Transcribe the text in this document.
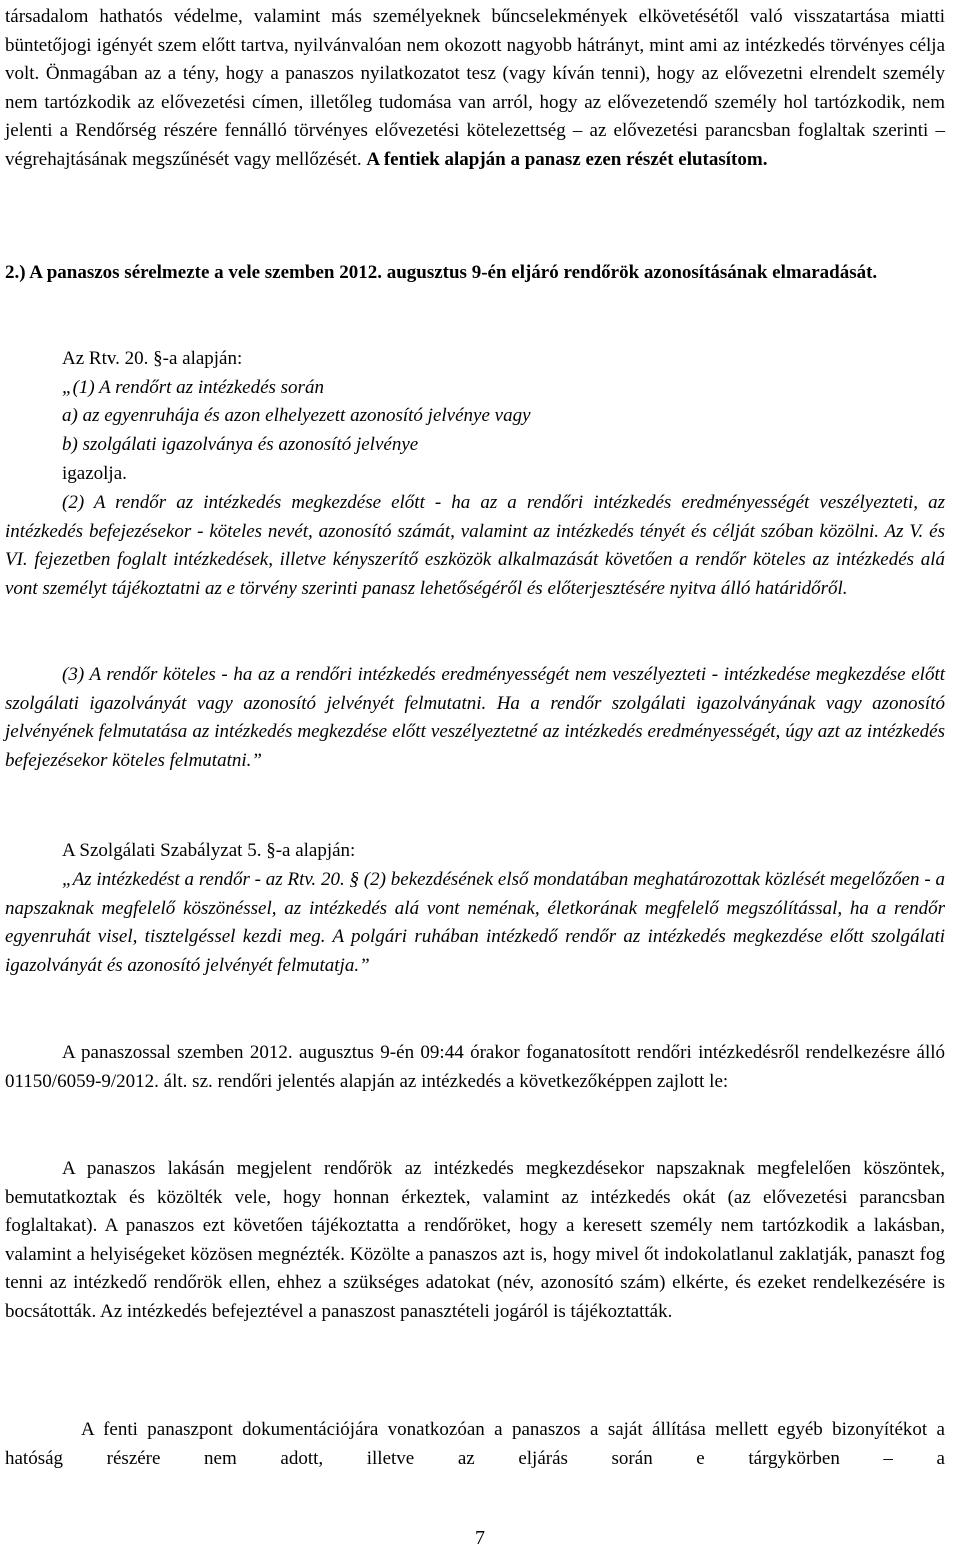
társadalom hathatós védelme, valamint más személyeknek bűncselekmények elkövetésétől való visszatartása miatti büntetőjogi igényét szem előtt tartva, nyilvánvalóan nem okozott nagyobb hátrányt, mint ami az intézkedés törvényes célja volt. Önmagában az a tény, hogy a panaszos nyilatkozatot tesz (vagy kíván tenni), hogy az elővezetni elrendelt személy nem tartózkodik az elővezetési címen, illetőleg tudomása van arról, hogy az elővezetendő személy hol tartózkodik, nem jelenti a Rendőrség részére fennálló törvényes elővezetési kötelezettség – az elővezetési parancsban foglaltak szerinti – végrehajtásának megszűnését vagy mellőzését. A fentiek alapján a panasz ezen részét elutasítom.

2.) A panaszos sérelmezte a vele szemben 2012. augusztus 9-én eljáró rendőrök azonosításának elmaradását.

Az Rtv. 20. §-a alapján:

„(1) A rendőrt az intézkedés során

a) az egyenruhája és azon elhelyezett azonosító jelvénye vagy

b) szolgálati igazolványa és azonosító jelvénye

igazolja.

(2) A rendőr az intézkedés megkezdése előtt - ha az a rendőri intézkedés eredményességét veszélyezteti, az intézkedés befejezésekor - köteles nevét, azonosító számát, valamint az intézkedés tényét és célját szóban közölni. Az V. és VI. fejezetben foglalt intézkedések, illetve kényszerítő eszközök alkalmazását követően a rendőr köteles az intézkedés alá vont személyt tájékoztatni az e törvény szerinti panasz lehetőségéről és előterjesztésére nyitva álló határidőről.

(3) A rendőr köteles - ha az a rendőri intézkedés eredményességét nem veszélyezteti - intézkedése megkezdése előtt szolgálati igazolványát vagy azonosító jelvényét felmutatni. Ha a rendőr szolgálati igazolványának vagy azonosító jelvényének felmutatása az intézkedés megkezdése előtt veszélyeztetné az intézkedés eredményességét, úgy azt az intézkedés befejezésekor köteles felmutatni.”

A Szolgálati Szabályzat 5. §-a alapján:

„Az intézkedést a rendőr - az Rtv. 20. § (2) bekezdésének első mondatában meghatározottak közlését megelőzően - a napszaknak megfelelő köszönéssel, az intézkedés alá vont neménak, életkorának megfelelő megszólítással, ha a rendőr egyenruhát visel, tisztelgéssel kezdi meg. A polgári ruhában intézkedő rendőr az intézkedés megkezdése előtt szolgálati igazolványát és azonosító jelvényét felmutatja.”

A panaszossal szemben 2012. augusztus 9-én 09:44 órakor foganatosított rendőri intézkedésről rendelkezésre álló 01150/6059-9/2012. ált. sz. rendőri jelentés alapján az intézkedés a következőképpen zajlott le:

A panaszos lakásán megjelent rendőrök az intézkedés megkezdésekor napszaknak megfelelően köszöntek, bemutatkoztak és közölték vele, hogy honnan érkeztek, valamint az intézkedés okát (az elővezetési parancsban foglaltakat). A panaszos ezt követően tájékoztatta a rendőröket, hogy a keresett személy nem tartózkodik a lakásban, valamint a helyiségeket közösen megnézték. Közölte a panaszos azt is, hogy mivel őt indokolatlanul zaklatják, panaszt fog tenni az intézkedő rendőrök ellen, ehhez a szükséges adatokat (név, azonosító szám) elkérte, és ezeket rendelkezésére is bocsátották. Az intézkedés befejeztével a panaszost panasztételi jogáról is tájékoztatták.

A fenti panaszpont dokumentációjára vonatkozóan a panaszos a saját állítása mellett egyéb bizonyítékot a hatóság részére nem adott, illetve az eljárás során e tárgykörben – a

7
